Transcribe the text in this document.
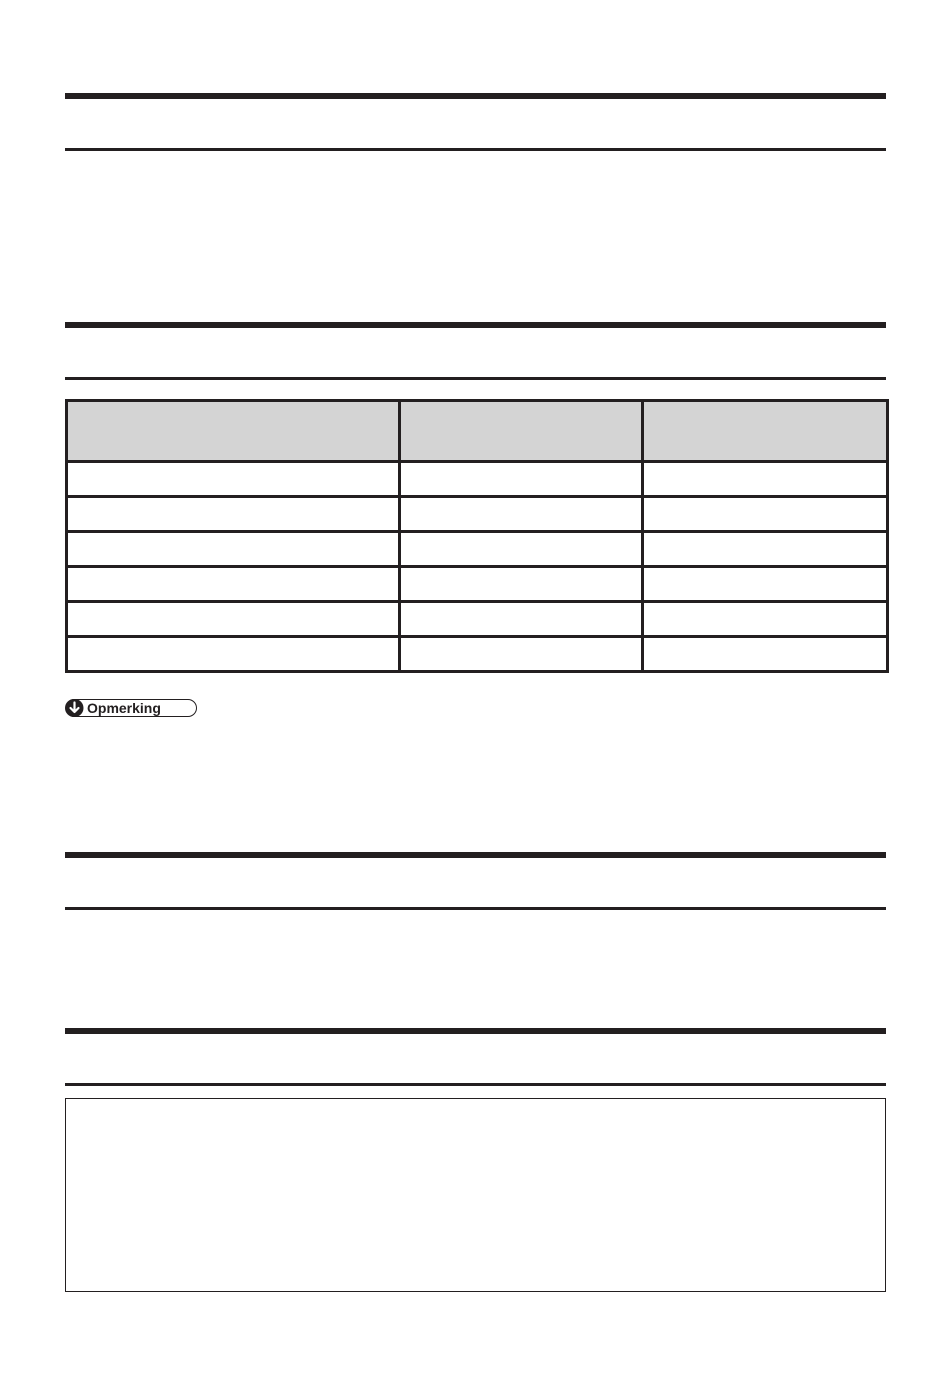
Opmerking
